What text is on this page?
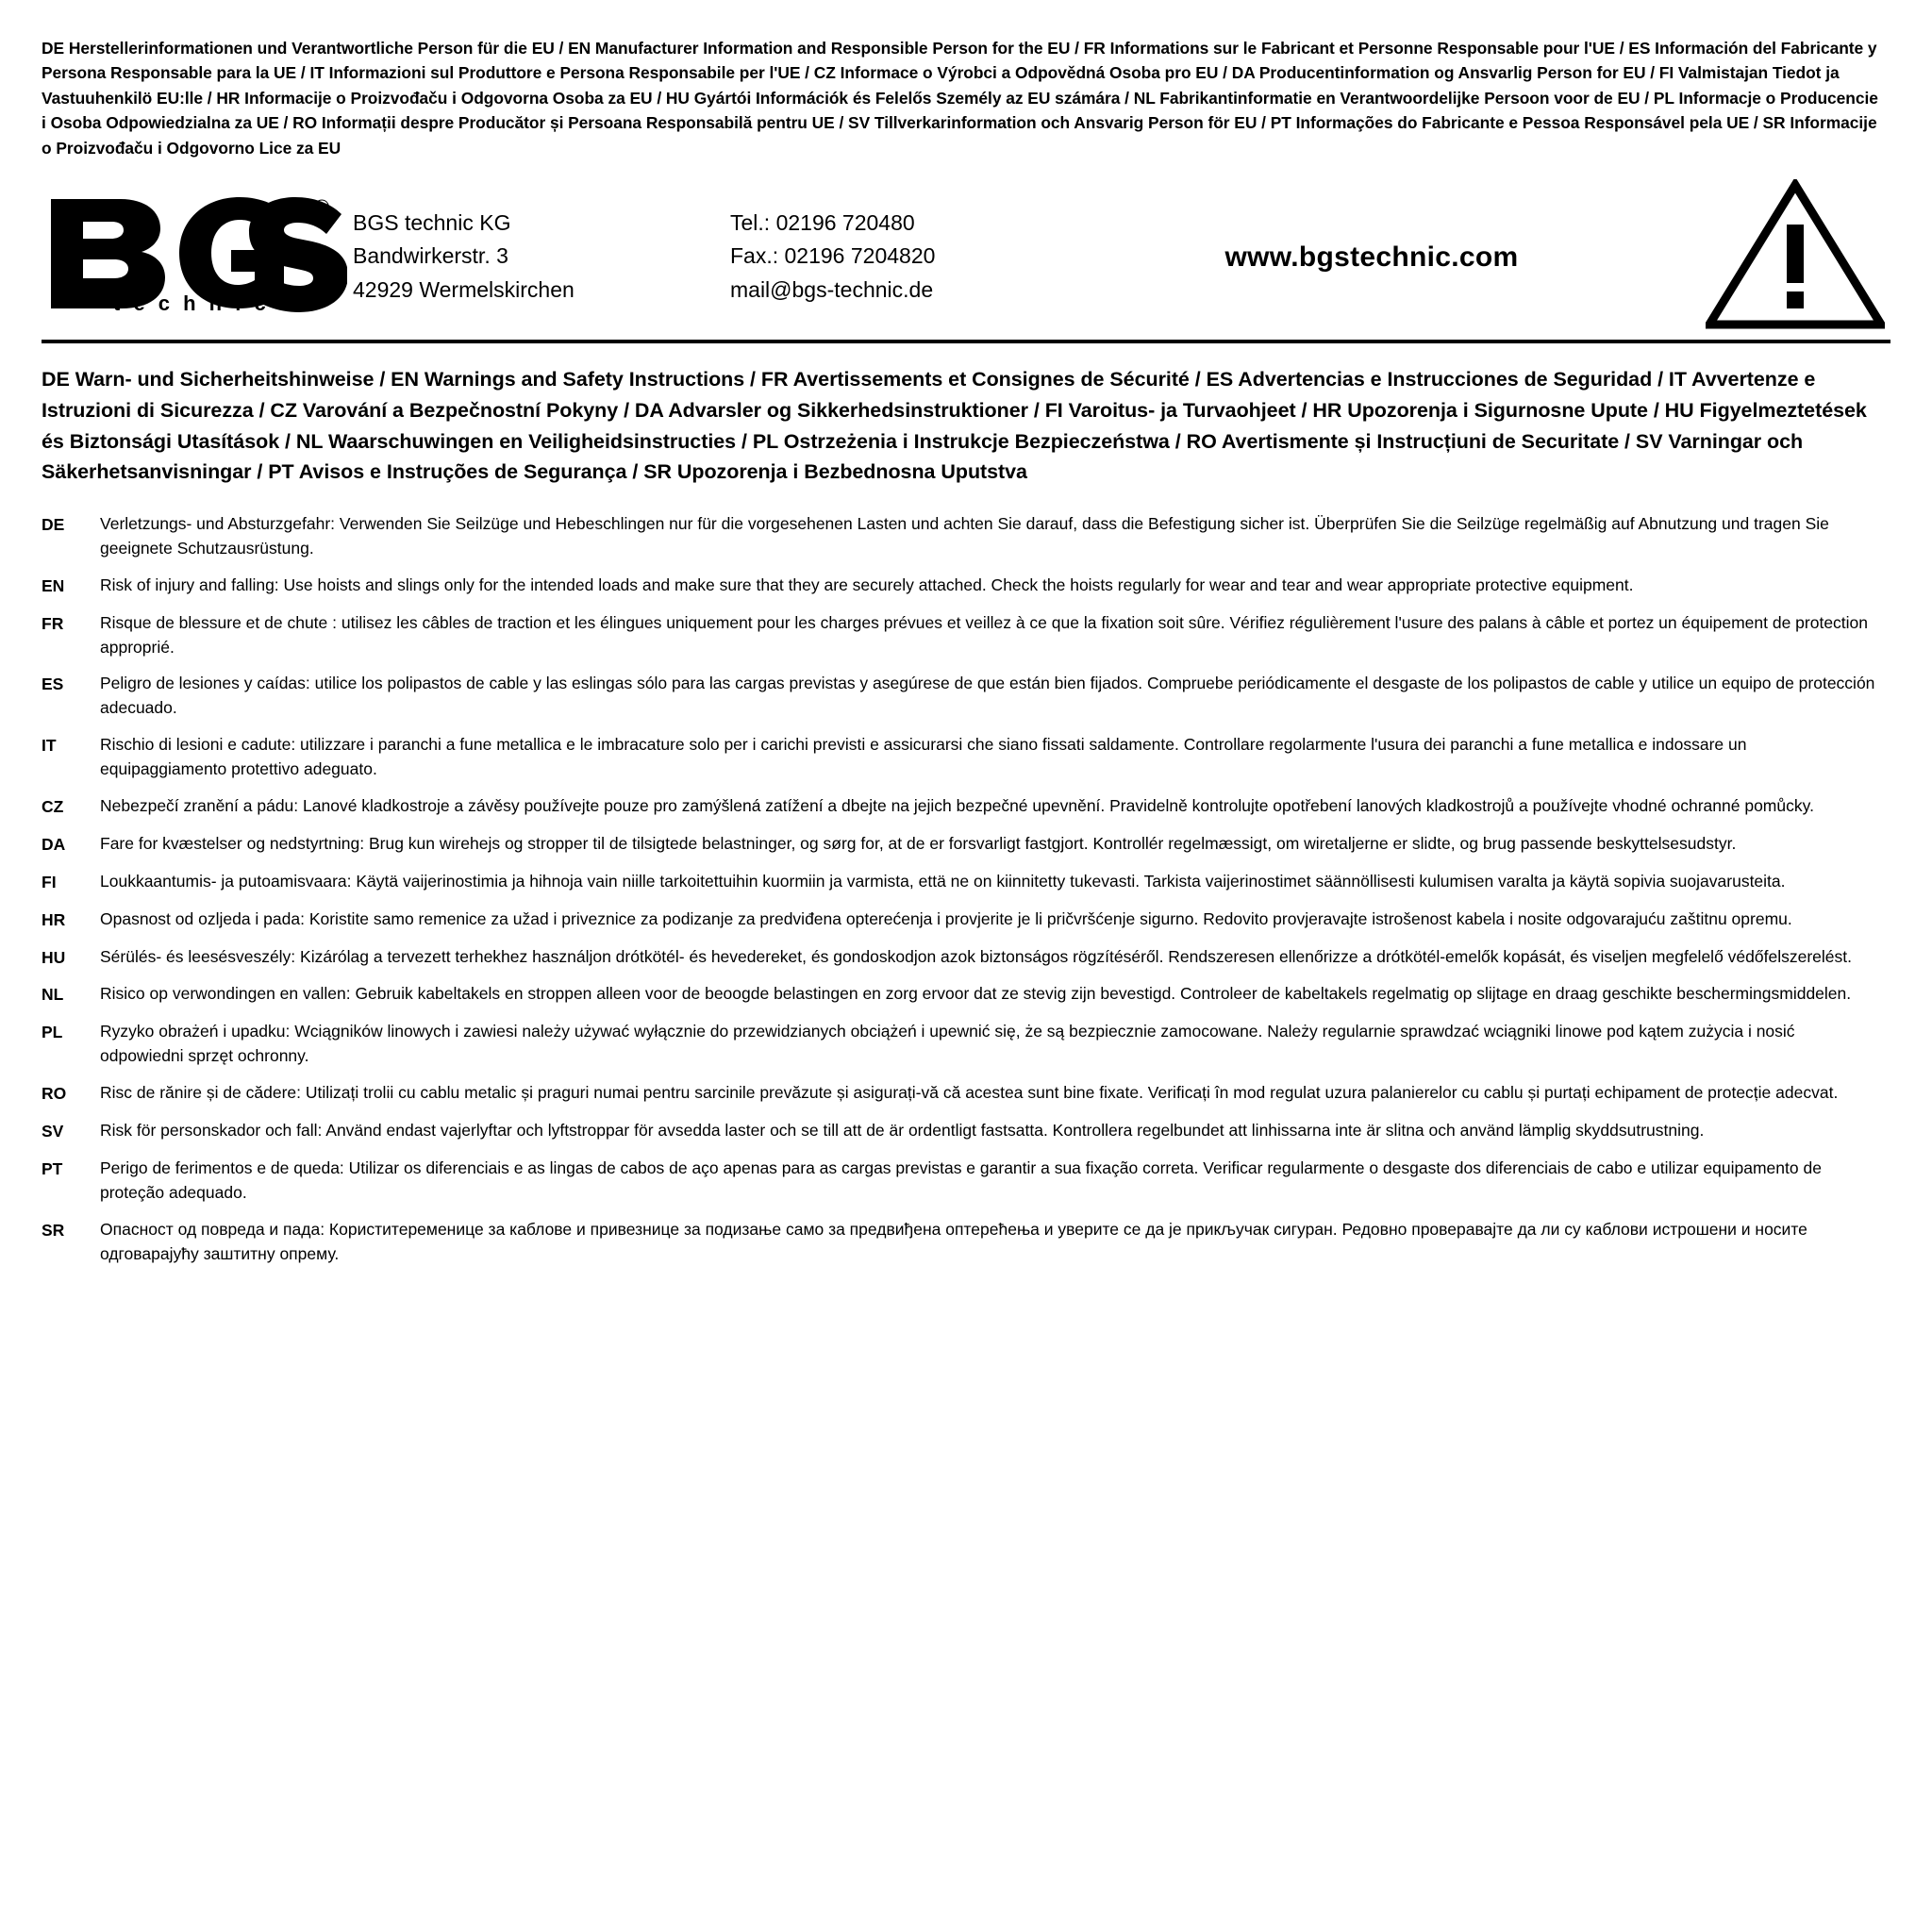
DE Herstellerinformationen und Verantwortliche Person für die EU / EN Manufacturer Information and Responsible Person for the EU / FR Informations sur le Fabricant et Personne Responsable pour l'UE / ES Información del Fabricante y Persona Responsable para la UE / IT Informazioni sul Produttore e Persona Responsabile per l'UE / CZ Informace o Výrobci a Odpovědná Osoba pro EU / DA Producentinformation og Ansvarlig Person for EU / FI Valmistajan Tiedot ja Vastuuhenkilö EU:lle / HR Informacije o Proizvođaču i Odgovorna Osoba za EU / HU Gyártói Információk és Felelős Személy az EU számára / NL Fabrikantinformatie en Verantwoordelijke Persoon voor de EU / PL Informacje o Producencie i Osoba Odpowiedzialna za UE / RO Informații despre Producător și Persoana Responsabilă pentru UE / SV Tillverkarinformation och Ansvarig Person för EU / PT Informações do Fabricante e Pessoa Responsável pela UE / SR Informacije o Proizvođaču i Odgovorno Lice za EU
®
t e c h n i c
BGS technic KG
Bandwirkerstr. 3
42929 Wermelskirchen
Tel.: 02196 720480
Fax.: 02196 7204820
mail@bgs-technic.de
www.bgstechnic.com
DE Warn- und Sicherheitshinweise / EN Warnings and Safety Instructions / FR Avertissements et Consignes de Sécurité / ES Advertencias e Instrucciones de Seguridad / IT Avvertenze e Istruzioni di Sicurezza / CZ Varování a Bezpečnostní Pokyny / DA Advarsler og Sikkerhedsinstruktioner / FI Varoitus- ja Turvaohjeet / HR Upozorenja i Sigurnosne Upute / HU Figyelmeztetések és Biztonsági Utasítások / NL Waarschuwingen en Veiligheidsinstructies / PL Ostrzeżenia i Instrukcje Bezpieczeństwa / RO Avertismente și Instrucțiuni de Securitate / SV Varningar och Säkerhetsanvisningar / PT Avisos e Instruções de Segurança / SR Upozorenja i Bezbednosna Uputstva
DE	Verletzungs- und Absturzgefahr: Verwenden Sie Seilzüge und Hebeschlingen nur für die vorgesehenen Lasten und achten Sie darauf, dass die Befestigung sicher ist. Überprüfen Sie die Seilzüge regelmäßig auf Abnutzung und tragen Sie geeignete Schutzausrüstung.
EN	Risk of injury and falling: Use hoists and slings only for the intended loads and make sure that they are securely attached. Check the hoists regularly for wear and tear and wear appropriate protective equipment.
FR	Risque de blessure et de chute : utilisez les câbles de traction et les élingues uniquement pour les charges prévues et veillez à ce que la fixation soit sûre. Vérifiez régulièrement l'usure des palans à câble et portez un équipement de protection approprié.
ES	Peligro de lesiones y caídas: utilice los polipastos de cable y las eslingas sólo para las cargas previstas y asegúrese de que están bien fijados. Compruebe periódicamente el desgaste de los polipastos de cable y utilice un equipo de protección adecuado.
IT	Rischio di lesioni e cadute: utilizzare i paranchi a fune metallica e le imbracature solo per i carichi previsti e assicurarsi che siano fissati saldamente. Controllare regolarmente l'usura dei paranchi a fune metallica e indossare un equipaggiamento protettivo adeguato.
CZ	Nebezpečí zranění a pádu: Lanové kladkostroje a závěsy používejte pouze pro zamýšlená zatížení a dbejte na jejich bezpečné upevnění. Pravidelně kontrolujte opotřebení lanových kladkostrojů a používejte vhodné ochranné pomůcky.
DA	Fare for kvæstelser og nedstyrtning: Brug kun wirehejs og stropper til de tilsigtede belastninger, og sørg for, at de er forsvarligt fastgjort. Kontrollér regelmæssigt, om wiretaljerne er slidte, og brug passende beskyttelsesudstyr.
FI	Loukkaantumis- ja putoamisvaara: Käytä vaijerinostimia ja hihnoja vain niille tarkoitettuihin kuormiin ja varmista, että ne on kiinnitetty tukevasti. Tarkista vaijerinostimet säännöllisesti kulumisen varalta ja käytä sopivia suojavarusteita.
HR	Opasnost od ozljeda i pada: Koristite samo remenice za užad i priveznice za podizanje za predviđena opterećenja i provjerite je li pričvršćenje sigurno. Redovito provjeravajte istrošenost kabela i nosite odgovarajuću zaštitnu opremu.
HU	Sérülés- és leesésveszély: Kizárólag a tervezett terhekhez használjon drótkötél- és hevedereket, és gondoskodjon azok biztonságos rögzítéséről. Rendszeresen ellenőrizze a drótkötél-emelők kopását, és viseljen megfelelő védőfelszerelést.
NL	Risico op verwondingen en vallen: Gebruik kabeltakels en stroppen alleen voor de beoogde belastingen en zorg ervoor dat ze stevig zijn bevestigd. Controleer de kabeltakels regelmatig op slijtage en draag geschikte beschermingsmiddelen.
PL	Ryzyko obrażeń i upadku: Wciągników linowych i zawiesi należy używać wyłącznie do przewidzianych obciążeń i upewnić się, że są bezpiecznie zamocowane. Należy regularnie sprawdzać wciągniki linowe pod kątem zużycia i nosić odpowiedni sprzęt ochronny.
RO	Risc de rănire și de cădere: Utilizați trolii cu cablu metalic și praguri numai pentru sarcinile prevăzute și asigurați-vă că acestea sunt bine fixate. Verificați în mod regulat uzura palanierelor cu cablu și purtați echipament de protecție adecvat.
SV	Risk för personskador och fall: Använd endast vajerlyftar och lyftstroppar för avsedda laster och se till att de är ordentligt fastsatta. Kontrollera regelbundet att linhissarna inte är slitna och använd lämplig skyddsutrustning.
PT	Perigo de ferimentos e de queda: Utilizar os diferenciais e as lingas de cabos de aço apenas para as cargas previstas e garantir a sua fixação correta. Verificar regularmente o desgaste dos diferenciais de cabo e utilizar equipamento de proteção adequado.
SR	Опасност од повреда и пада: Користитеременице за каблове и привезнице за подизање само за предвиђена оптерећења и уверите се да је прикључак сигуран. Редовно проверавајте да ли су каблови истрошени и носите одговарајућу заштитну опрему.
